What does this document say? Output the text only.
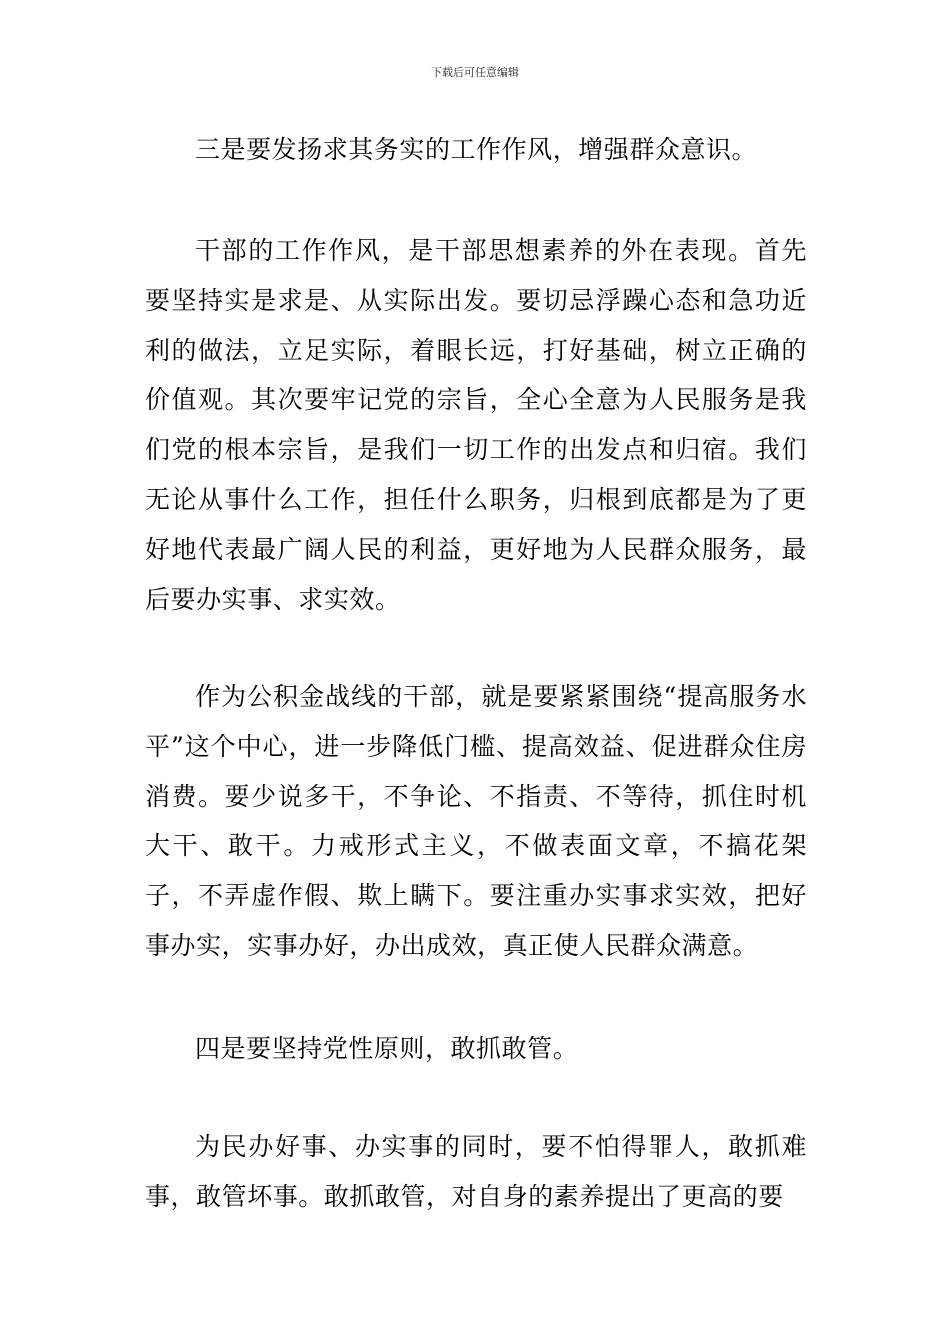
下载后可任意编辑

三是要发扬求其务实的工作作风，增强群众意识。

干部的工作作风，是干部思想素养的外在表现。首先要坚持实是求是、从实际出发。要切忌浮躁心态和急功近利的做法，立足实际，着眼长远，打好基础，树立正确的价值观。其次要牢记党的宗旨，全心全意为人民服务是我们党的根本宗旨，是我们一切工作的出发点和归宿。我们无论从事什么工作，担任什么职务，归根到底都是为了更好地代表最广阔人民的利益，更好地为人民群众服务，最后要办实事、求实效。

作为公积金战线的干部，就是要紧紧围绕“提高服务水平”这个中心，进一步降低门槛、提高效益、促进群众住房消费。要少说多干，不争论、不指责、不等待，抓住时机大干、敢干。力戒形式主义，不做表面文章，不搞花架子，不弄虚作假、欺上瞒下。要注重办实事求实效，把好事办实，实事办好，办出成效，真正使人民群众满意。

四是要坚持党性原则，敢抓敢管。

为民办好事、办实事的同时，要不怕得罪人，敢抓难事，敢管坏事。敢抓敢管，对自身的素养提出了更高的要
